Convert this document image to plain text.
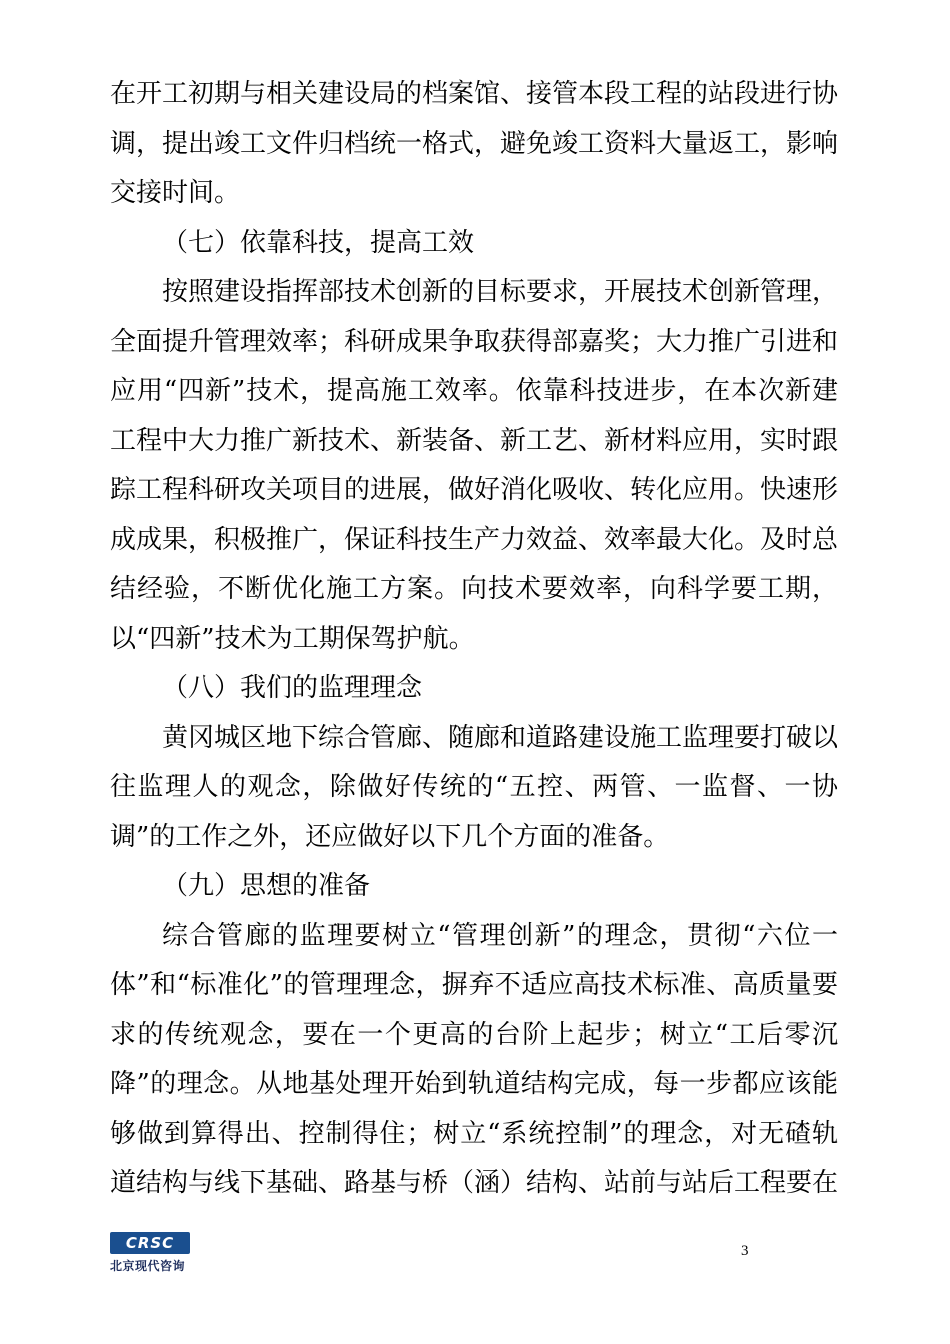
在开工初期与相关建设局的档案馆、接管本段工程的站段进行协调，提出竣工文件归档统一格式，避免竣工资料大量返工，影响交接时间。

（七）依靠科技，提高工效

按照建设指挥部技术创新的目标要求，开展技术创新管理，全面提升管理效率；科研成果争取获得部嘉奖；大力推广引进和应用“四新”技术，提高施工效率。依靠科技进步，在本次新建工程中大力推广新技术、新装备、新工艺、新材料应用，实时跟踪工程科研攻关项目的进展，做好消化吸收、转化应用。快速形成成果，积极推广，保证科技生产力效益、效率最大化。及时总结经验，不断优化施工方案。向技术要效率，向科学要工期，以“四新”技术为工期保驾护航。

（八）我们的监理理念

黄冈城区地下综合管廊、随廊和道路建设施工监理要打破以往监理人的观念，除做好传统的“五控、两管、一监督、一协调”的工作之外，还应做好以下几个方面的准备。

（九）思想的准备

综合管廊的监理要树立“管理创新”的理念，贯彻“六位一体”和“标准化”的管理理念，摒弃不适应高技术标准、高质量要求的传统观念，要在一个更高的台阶上起步；树立“工后零沉降”的理念。从地基处理开始到轨道结构完成，每一步都应该能够做到算得出、控制得住；树立“系统控制”的理念，对无碴轨道结构与线下基础、路基与桥（涵）结构、站前与站后工程要在

CRSC
北京现代咨询
3
